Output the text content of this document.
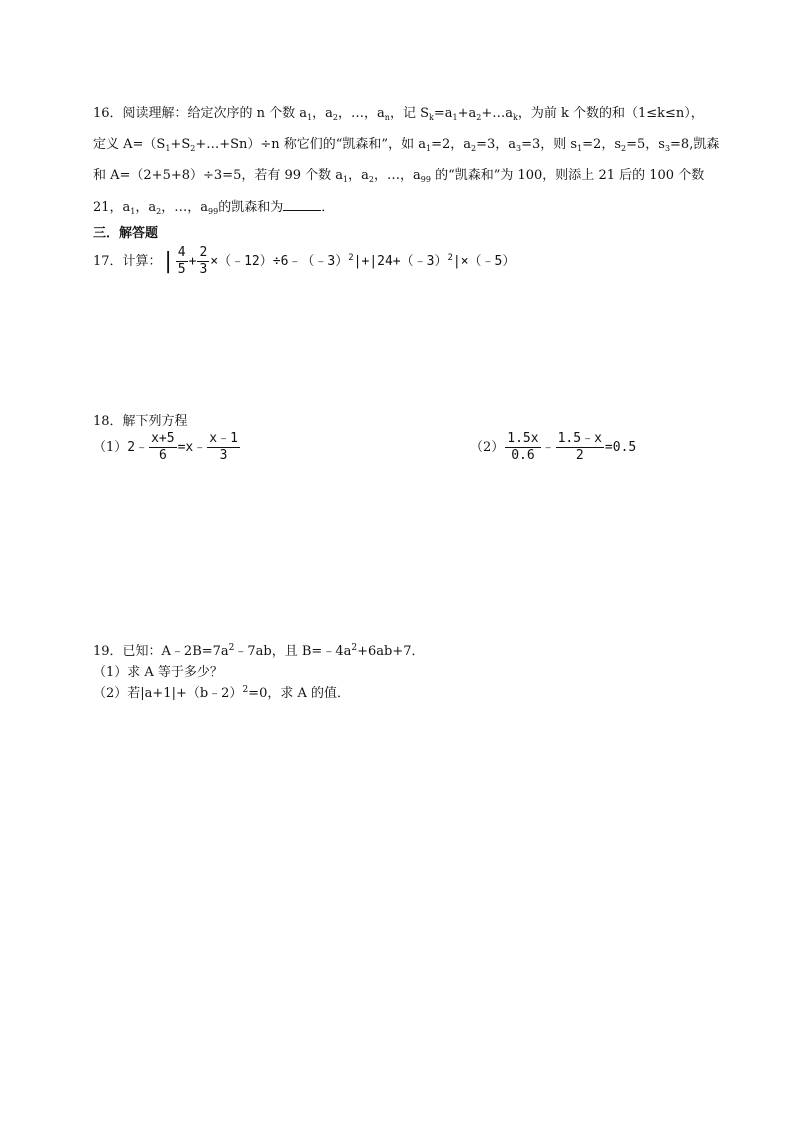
16．阅读理解：给定次序的 n 个数 $a_1$，$a_2$，…，$a_n$，记 $S_k=a_1+a_2+\dots a_k$，为前 k 个数的和（1≤k≤n），
定义 $A=(S_1+S_2+\dots+Sn)\div n$ 称它们的“凯森和”，如 $a_1=2$，$a_2=3$，$a_3=3$，则 $s_1=2$，$s_2=5$，$s_3=8$,凯森
和 A=（2+5+8）÷3=5，若有 99 个数 $a_1$，$a_2$，…，$a_{99}$ 的“凯森和”为 100，则添上 21 后的 100 个数
21，$a_1$，$a_2$，…，$a_{99}$的凯森和为	．
三．解答题
17．计算：| $\frac{4}{5} + \frac{2}{3}$ ×（﹣12）÷6﹣（﹣3）$^2$|+|24+（﹣3）$^2$|×（﹣5）
18．解下列方程
（1）2﹣ $\frac{x+5}{6}$ =x﹣ $\frac{x﹣1}{3}$	$(2) \frac{1.5x}{0.6}$ ﹣ $\frac{1.5﹣x}{2} =0.5$
19．已知：$A﹣2B=7a^2﹣7ab$，且 $B=﹣4a^2+6ab+7$．
（1）求 A 等于多少？
（2）若|a+1|+（b﹣2）$^2$=0，求 A 的值．
